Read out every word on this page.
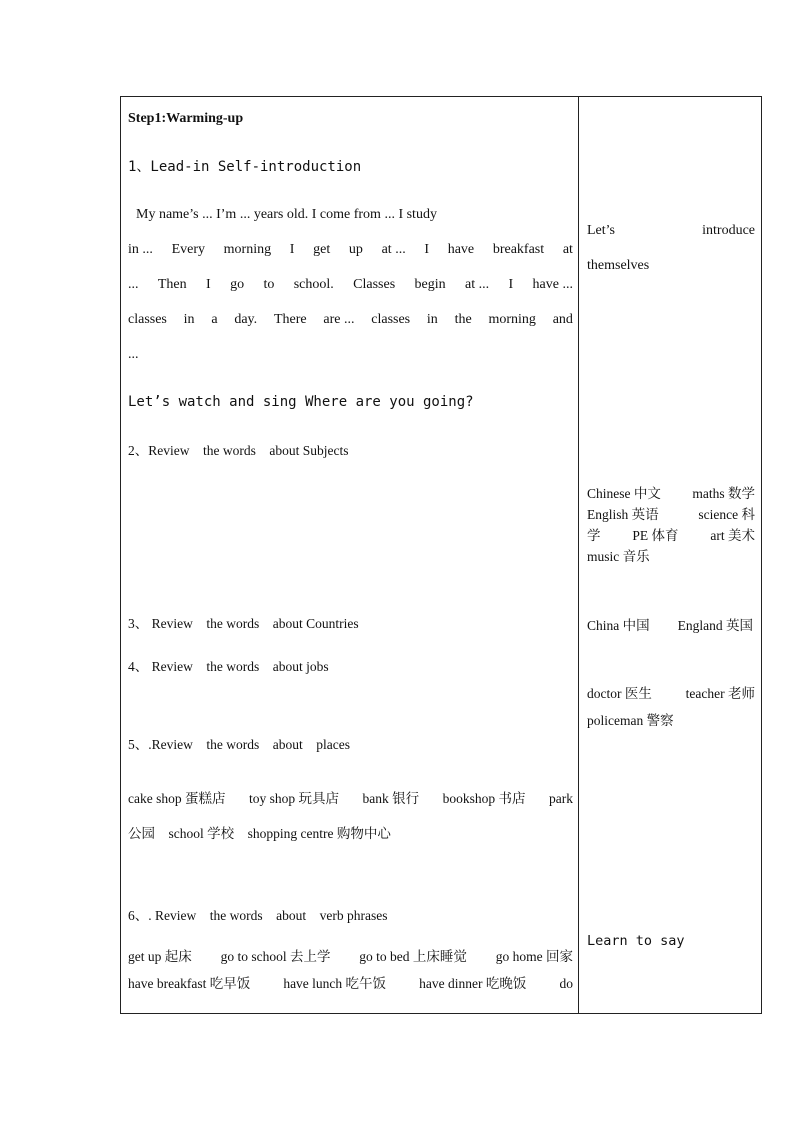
Step1:Warming-up
1、Lead-in Self-introduction
My name’s ... I’m ... years old. I come from ... I study
in ... Every morning I get up at ... I have breakfast at
... Then I go to school. Classes begin at ... I have ...
classes in a day. There are ... classes in the morning and
...
Let’s watch and sing Where are you going?
2、Review　the words　about Subjects
3、 Review　the words　about Countries
4、 Review　the words　about jobs
5、.Review　the words　about　places
cake shop 蛋糕店 toy shop 玩具店 bank 银行 bookshop 书店 park
公园　school 学校　shopping centre 购物中心
6、. Review　the words　about　verb phrases
get up 起床 go to school 去上学 go to bed 上床睡觉 go home 回家
have breakfast 吃早饭 have lunch 吃午饭 have dinner 吃晚饭 do
Let’s	introduce
themselves
Chinese 中文 maths 数学
English 英语	science 科
学 PE 体育 art 美术
music 音乐
China 中国 England 英国
doctor 医生	teacher 老师
policeman 警察
Learn to say
